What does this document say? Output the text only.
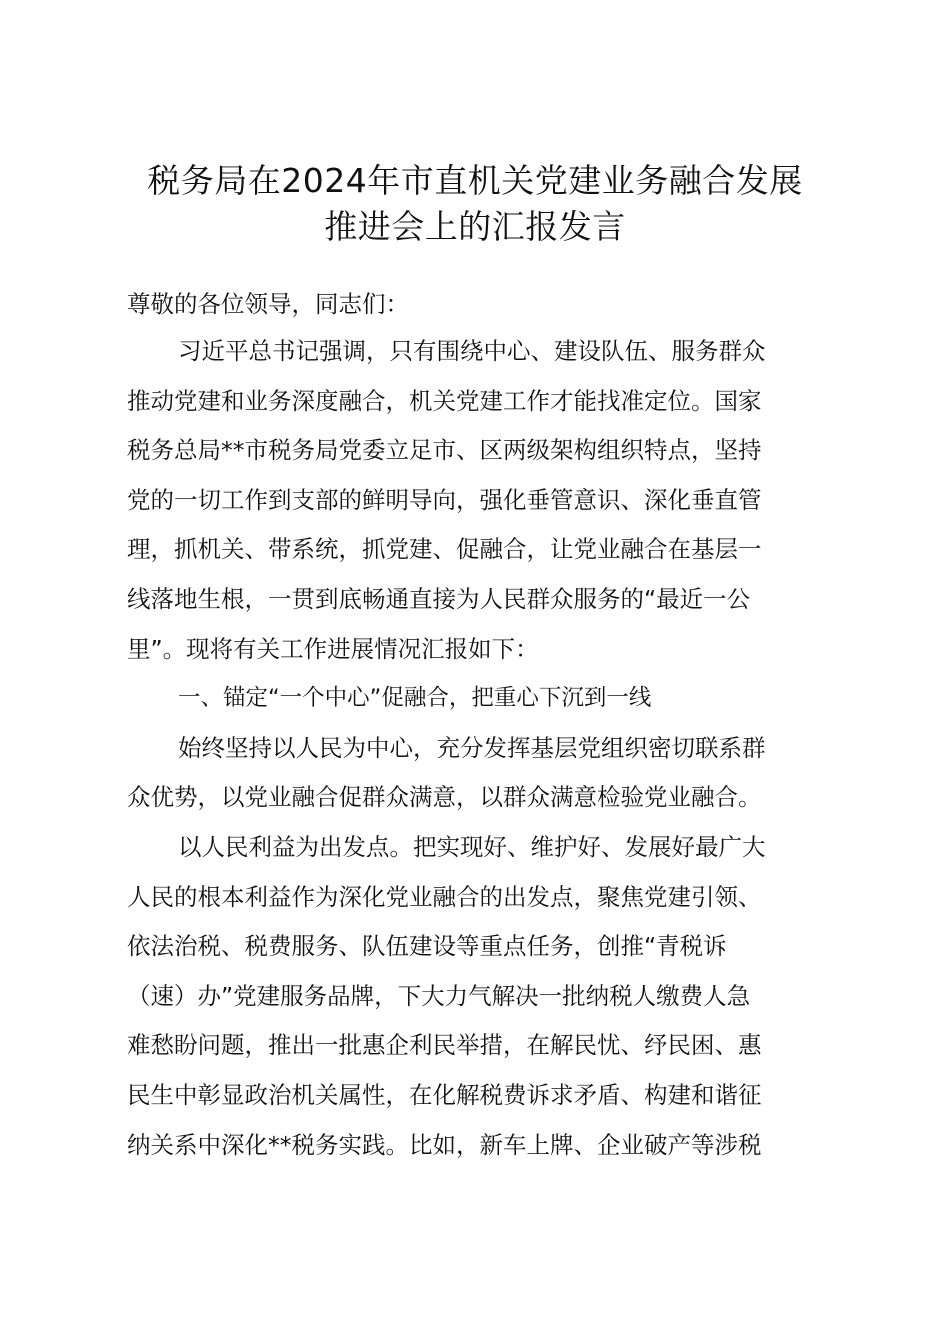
税务局在2024年市直机关党建业务融合发展
推进会上的汇报发言
尊敬的各位领导，同志们：
习近平总书记强调，只有围绕中心、建设队伍、服务群众
推动党建和业务深度融合，机关党建工作才能找准定位。国家
税务总局**市税务局党委立足市、区两级架构组织特点，坚持
党的一切工作到支部的鲜明导向，强化垂管意识、深化垂直管
理，抓机关、带系统，抓党建、促融合，让党业融合在基层一
线落地生根，一贯到底畅通直接为人民群众服务的“最近一公
里”。现将有关工作进展情况汇报如下：
一、锚定“一个中心”促融合，把重心下沉到一线
始终坚持以人民为中心，充分发挥基层党组织密切联系群
众优势，以党业融合促群众满意，以群众满意检验党业融合。
以人民利益为出发点。把实现好、维护好、发展好最广大
人民的根本利益作为深化党业融合的出发点，聚焦党建引领、
依法治税、税费服务、队伍建设等重点任务，创推“青税诉
（速）办”党建服务品牌，下大力气解决一批纳税人缴费人急
难愁盼问题，推出一批惠企利民举措，在解民忧、纾民困、惠
民生中彰显政治机关属性，在化解税费诉求矛盾、构建和谐征
纳关系中深化**税务实践。比如，新车上牌、企业破产等涉税
